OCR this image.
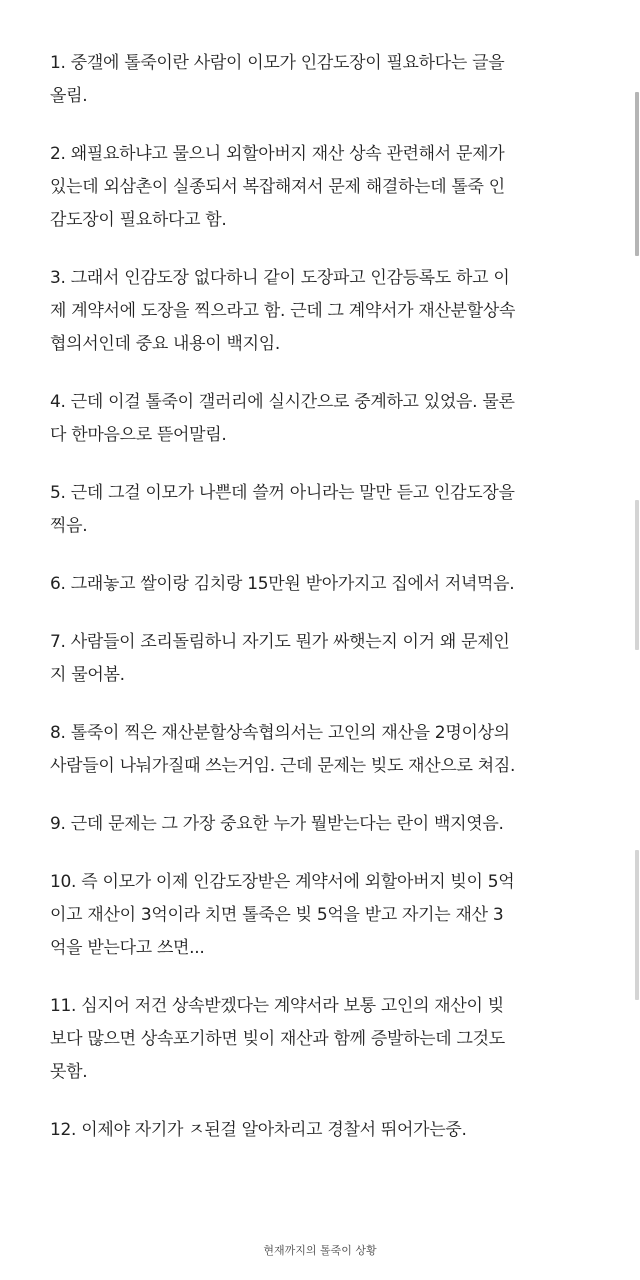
1. 중갤에 톨죽이란 사람이 이모가 인감도장이 필요하다는 글을
올림.
2. 왜필요하냐고 물으니 외할아버지 재산 상속 관련해서 문제가
있는데 외삼촌이 실종되서 복잡해져서 문제 해결하는데 톨죽 인
감도장이 필요하다고 함.
3. 그래서 인감도장 없다하니 같이 도장파고 인감등록도 하고 이
제 계약서에 도장을 찍으라고 함. 근데 그 계약서가 재산분할상속
협의서인데 중요 내용이 백지임.
4. 근데 이걸 톨죽이 갤러리에 실시간으로 중계하고 있었음. 물론
다 한마음으로 뜯어말림.
5. 근데 그걸 이모가 나쁜데 쓸꺼 아니라는 말만 듣고 인감도장을
찍음.
6. 그래놓고 쌀이랑 김치랑 15만원 받아가지고 집에서 저녁먹음.
7. 사람들이 조리돌림하니 자기도 뭔가 싸햇는지 이거 왜 문제인
지 물어봄.
8. 톨죽이 찍은 재산분할상속협의서는 고인의 재산을 2명이상의
사람들이 나눠가질때 쓰는거임. 근데 문제는 빚도 재산으로 쳐짐.
9. 근데 문제는 그 가장 중요한 누가 뭘받는다는 란이 백지엿음.
10. 즉 이모가 이제 인감도장받은 계약서에 외할아버지 빚이 5억
이고 재산이 3억이라 치면 톨죽은 빚 5억을 받고 자기는 재산 3
억을 받는다고 쓰면...
11. 심지어 저건 상속받겠다는 계약서라 보통 고인의 재산이 빚
보다 많으면 상속포기하면 빚이 재산과 함께 증발하는데 그것도
못함.
12. 이제야 자기가 ㅈ된걸 알아차리고 경찰서 뛰어가는중.
현재까지의 톨죽이 상황
